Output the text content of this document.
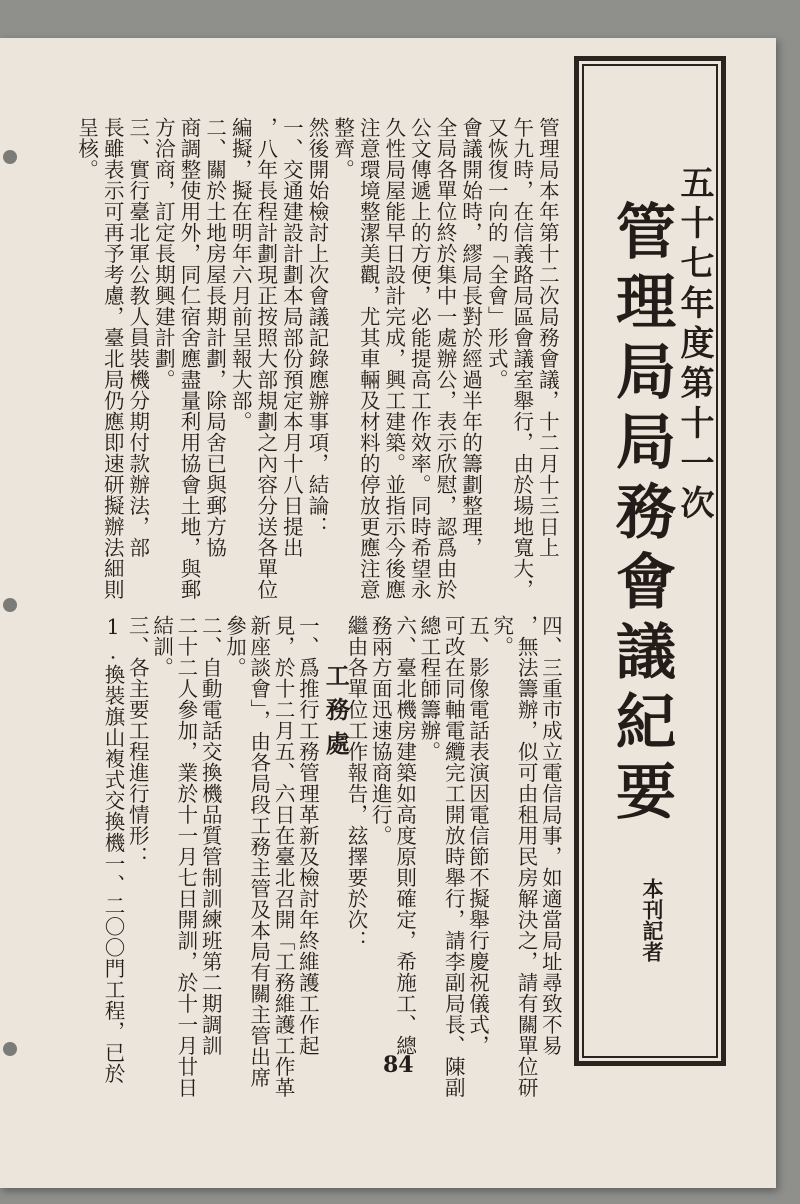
五十七年度第十一次
管理局局務會議紀要
本刊記者
管理局本年第十二次局務會議，十二月十三日上
午九時，在信義路局區會議室舉行，由於場地寬大，
又恢復一向的「全會」形式。
會議開始時，繆局長對於經過半年的籌劃整理，
全局各單位終於集中一處辦公，表示欣慰，認爲由於
公文傳遞上的方便，必能提高工作效率。同時希望永
久性局屋能早日設計完成，興工建築。並指示今後應
注意環境整潔美觀，尤其車輛及材料的停放更應注意
整齊。
然後開始檢討上次會議記錄應辦事項，結論：
一、交通建設計劃本局部份預定本月十八日提出
，八年長程計劃現正按照大部規劃之內容分送各單位
編擬，擬在明年六月前呈報大部。
二、關於土地房屋長期計劃，除局舍已與郵方協
商調整使用外，同仁宿舍應盡量利用協會土地，與郵
方洽商，訂定長期興建計劃。
三、實行臺北軍公教人員裝機分期付款辦法，部
長雖表示可再予考慮，臺北局仍應即速研擬辦法細則
呈核。
四、三重市成立電信局事，如適當局址尋致不易
，無法籌辦，似可由租用民房解決之，請有關單位研
究。
五、影像電話表演因電信節不擬舉行慶祝儀式，
可改在同軸電纜完工開放時舉行，請李副局長、陳副
總工程師籌辦。
六、臺北機房建築如高度原則確定，希施工、總
務兩方面迅速協商進行。
繼由各單位工作報告，玆擇要於次：
工務處
一、爲推行工務管理革新及檢討年終維護工作起
見，於十二月五、六日在臺北召開「工務維護工作革
新座談會」，由各局段工務主管及本局有關主管出席
參加。
二、自動電話交換機品質管制訓練班第二期調訓
二十二人參加，業於十一月七日開訓，於十一月廿日
結訓。
三、各主要工程進行情形：
1.換裝旗山複式交換機一、二〇〇門工程，已於	84
